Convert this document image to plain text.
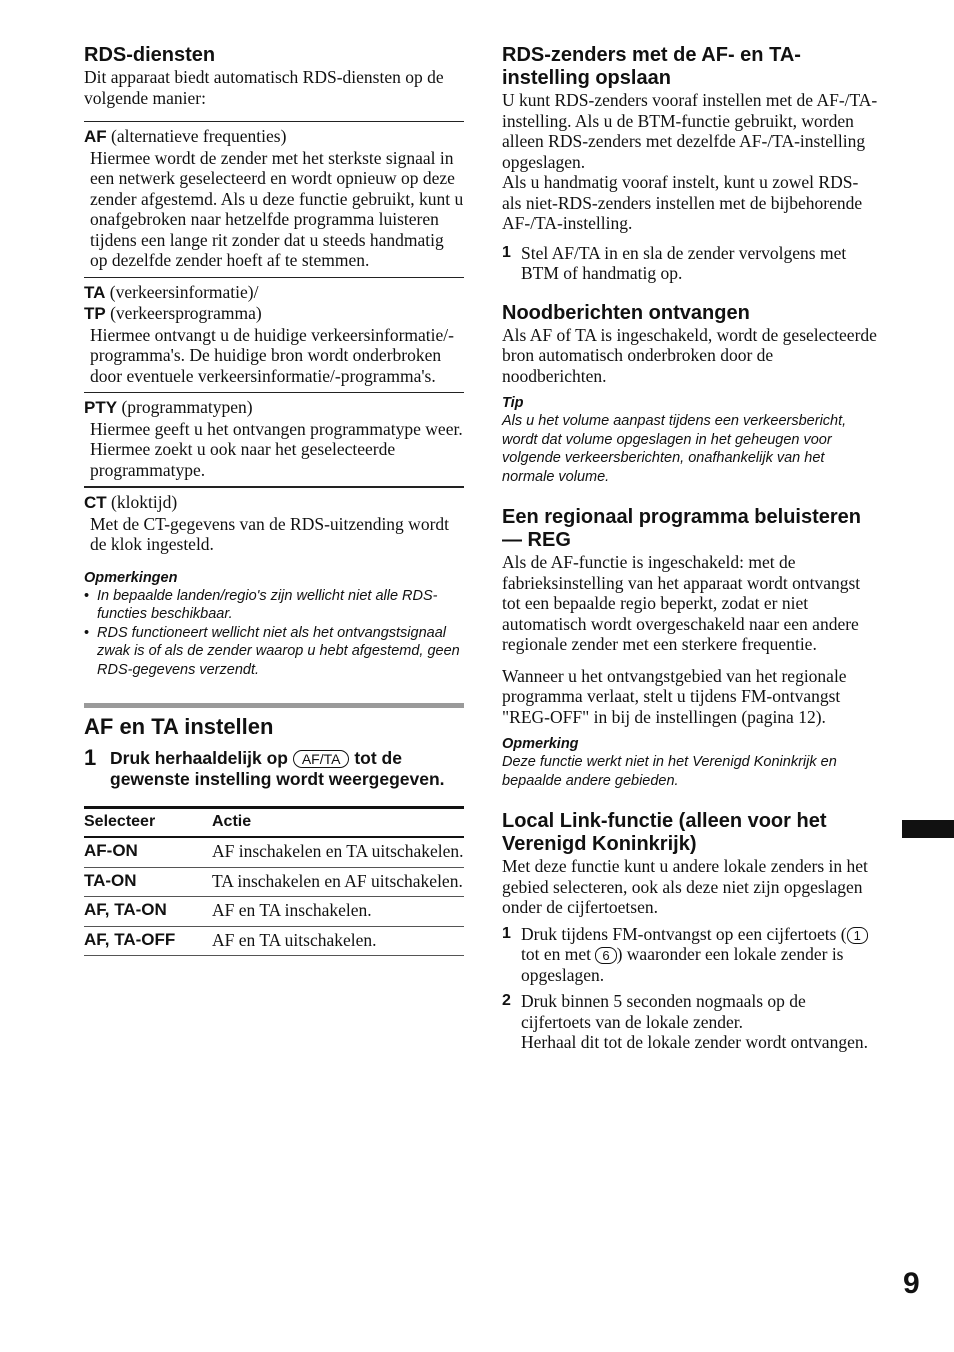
RDS-diensten

Dit apparaat biedt automatisch RDS-diensten op de volgende manier:

AF (alternatieve frequenties)
Hiermee wordt de zender met het sterkste signaal in een netwerk geselecteerd en wordt opnieuw op deze zender afgestemd. Als u deze functie gebruikt, kunt u onafgebroken naar hetzelfde programma luisteren tijdens een lange rit zonder dat u steeds handmatig op dezelfde zender hoeft af te stemmen.
TA (verkeersinformatie)/
TP (verkeersprogramma)
Hiermee ontvangt u de huidige verkeersinformatie/-programma's. De huidige bron wordt onderbroken door eventuele verkeersinformatie/-programma's.
PTY (programmatypen)
Hiermee geeft u het ontvangen programmatype weer. Hiermee zoekt u ook naar het geselecteerde programmatype.
CT (kloktijd)
Met de CT-gegevens van de RDS-uitzending wordt de klok ingesteld.
Opmerkingen
• In bepaalde landen/regio's zijn wellicht niet alle RDS-functies beschikbaar.
• RDS functioneert wellicht niet als het ontvangstsignaal zwak is of als de zender waarop u hebt afgestemd, geen RDS-gegevens verzendt.
AF en TA instellen
1 Druk herhaaldelijk op AF/TA tot de gewenste instelling wordt weergegeven.
Selecteer	Actie
AF-ON	AF inschakelen en TA uitschakelen.
TA-ON	TA inschakelen en AF uitschakelen.
AF, TA-ON	AF en TA inschakelen.
AF, TA-OFF	AF en TA uitschakelen.
RDS-zenders met de AF- en TA-instelling opslaan

U kunt RDS-zenders vooraf instellen met de AF-/TA-instelling. Als u de BTM-functie gebruikt, worden alleen RDS-zenders met dezelfde AF-/TA-instelling opgeslagen.

Als u handmatig vooraf instelt, kunt u zowel RDS- als niet-RDS-zenders instellen met de bijbehorende AF-/TA-instelling.

1 Stel AF/TA in en sla de zender vervolgens met BTM of handmatig op.
Noodberichten ontvangen

Als AF of TA is ingeschakeld, wordt de geselecteerde bron automatisch onderbroken door de noodberichten.

Tip
Als u het volume aanpast tijdens een verkeersbericht, wordt dat volume opgeslagen in het geheugen voor volgende verkeersberichten, onafhankelijk van het normale volume.
Een regionaal programma beluisteren — REG

Als de AF-functie is ingeschakeld: met de fabrieksinstelling van het apparaat wordt ontvangst tot een bepaalde regio beperkt, zodat er niet automatisch wordt overgeschakeld naar een andere regionale zender met een sterkere frequentie.

Wanneer u het ontvangstgebied van het regionale programma verlaat, stelt u tijdens FM-ontvangst "REG-OFF" in bij de instellingen (pagina 12).

Opmerking
Deze functie werkt niet in het Verenigd Koninkrijk en bepaalde andere gebieden.
Local Link-functie (alleen voor het Verenigd Koninkrijk)

Met deze functie kunt u andere lokale zenders in het gebied selecteren, ook als deze niet zijn opgeslagen onder de cijfertoetsen.

1 Druk tijdens FM-ontvangst op een cijfertoets ( 1 tot en met 6 ) waaronder een lokale zender is opgeslagen.
2 Druk binnen 5 seconden nogmaals op de cijfertoets van de lokale zender.
Herhaal dit tot de lokale zender wordt ontvangen.
9
